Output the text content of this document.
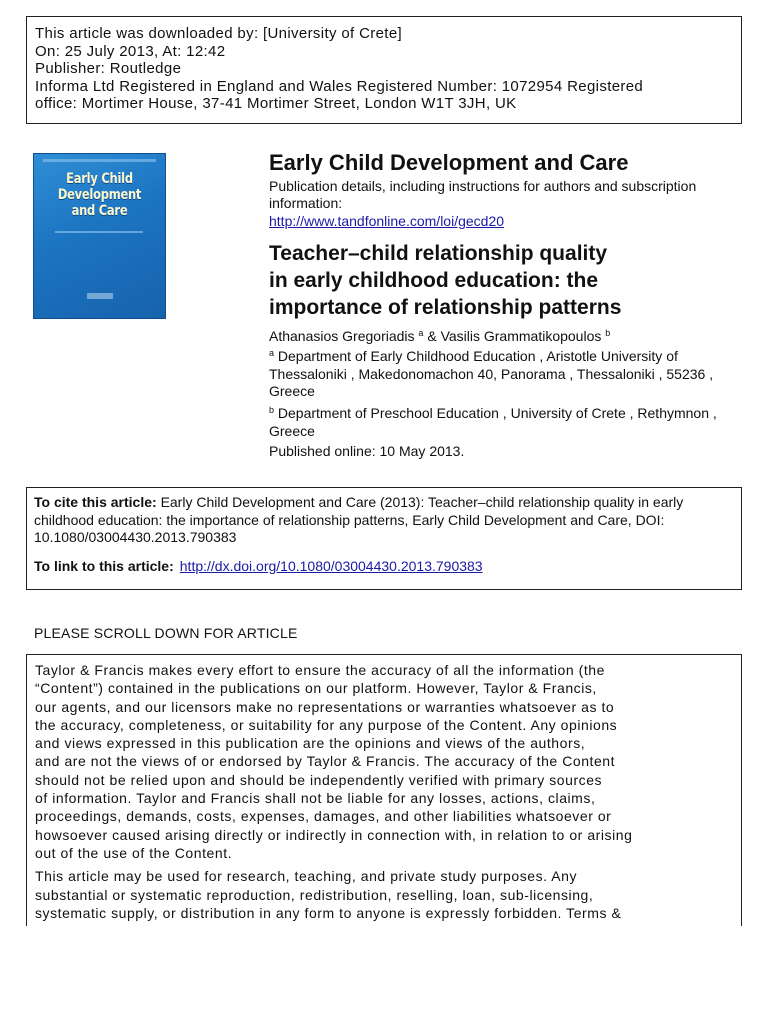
This article was downloaded by: [University of Crete]
On: 25 July 2013, At: 12:42
Publisher: Routledge
Informa Ltd Registered in England and Wales Registered Number: 1072954 Registered
office: Mortimer House, 37-41 Mortimer Street, London W1T 3JH, UK
Early Child
Development
and Care
Early Child Development and Care
Publication details, including instructions for authors and subscription information:
http://www.tandfonline.com/loi/gecd20
Teacher–child relationship quality
in early childhood education: the
importance of relationship patterns
Athanasios Gregoriadis $^a$ & Vasilis Grammatikopoulos $^b$
$^a$ Department of Early Childhood Education , Aristotle University of Thessaloniki , Makedonomachon 40, Panorama , Thessaloniki , 55236 , Greece
$^b$ Department of Preschool Education , University of Crete , Rethymnon , Greece
Published online: 10 May 2013.
To cite this article: Early Child Development and Care (2013): Teacher–child relationship quality in early childhood education: the importance of relationship patterns, Early Child Development and Care, DOI: 10.1080/03004430.2013.790383
To link to this article: http://dx.doi.org/10.1080/03004430.2013.790383
PLEASE SCROLL DOWN FOR ARTICLE

Taylor & Francis makes every effort to ensure the accuracy of all the information (the
“Content”) contained in the publications on our platform. However, Taylor & Francis,
our agents, and our licensors make no representations or warranties whatsoever as to
the accuracy, completeness, or suitability for any purpose of the Content. Any opinions
and views expressed in this publication are the opinions and views of the authors,
and are not the views of or endorsed by Taylor & Francis. The accuracy of the Content
should not be relied upon and should be independently verified with primary sources
of information. Taylor and Francis shall not be liable for any losses, actions, claims,
proceedings, demands, costs, expenses, damages, and other liabilities whatsoever or
howsoever caused arising directly or indirectly in connection with, in relation to or arising
out of the use of the Content.

This article may be used for research, teaching, and private study purposes. Any
substantial or systematic reproduction, redistribution, reselling, loan, sub-licensing,
systematic supply, or distribution in any form to anyone is expressly forbidden. Terms &
